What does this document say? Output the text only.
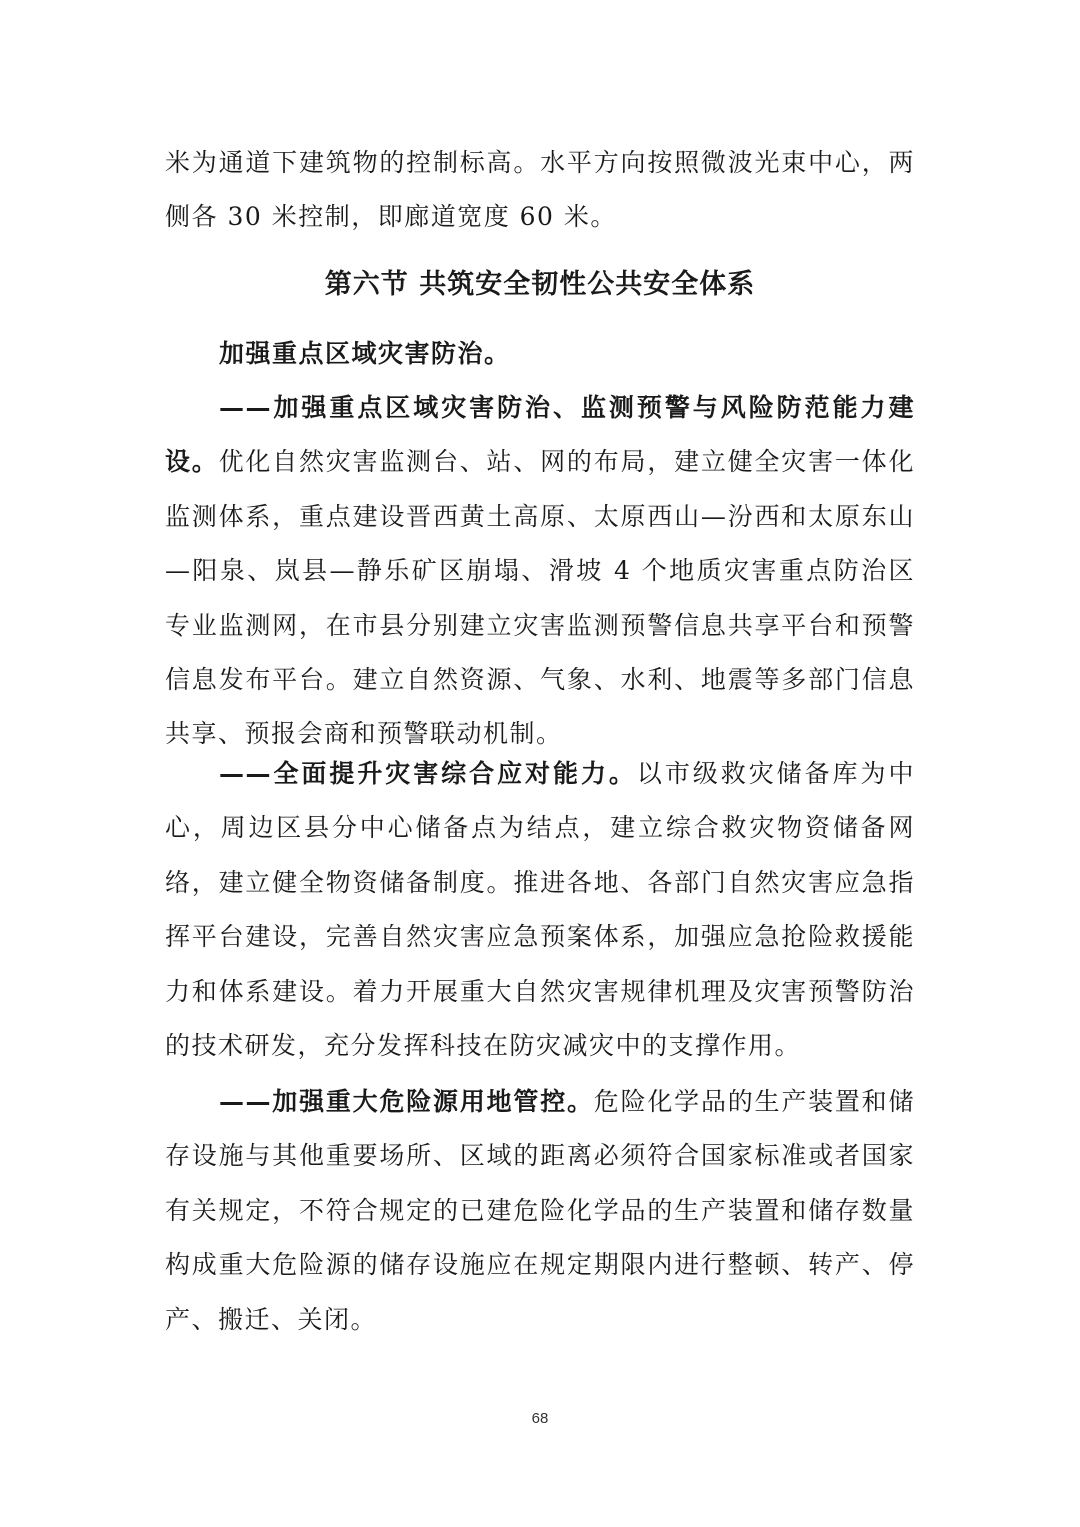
米为通道下建筑物的控制标高。水平方向按照微波光束中心，两侧各 30 米控制，即廊道宽度 60 米。

第六节 共筑安全韧性公共安全体系

加强重点区域灾害防治。

——加强重点区域灾害防治、监测预警与风险防范能力建设。优化自然灾害监测台、站、网的布局，建立健全灾害一体化监测体系，重点建设晋西黄土高原、太原西山—汾西和太原东山—阳泉、岚县—静乐矿区崩塌、滑坡 4 个地质灾害重点防治区专业监测网，在市县分别建立灾害监测预警信息共享平台和预警信息发布平台。建立自然资源、气象、水利、地震等多部门信息共享、预报会商和预警联动机制。

——全面提升灾害综合应对能力。以市级救灾储备库为中心，周边区县分中心储备点为结点，建立综合救灾物资储备网络，建立健全物资储备制度。推进各地、各部门自然灾害应急指挥平台建设，完善自然灾害应急预案体系，加强应急抢险救援能力和体系建设。着力开展重大自然灾害规律机理及灾害预警防治的技术研发，充分发挥科技在防灾减灾中的支撑作用。

——加强重大危险源用地管控。危险化学品的生产装置和储存设施与其他重要场所、区域的距离必须符合国家标准或者国家有关规定，不符合规定的已建危险化学品的生产装置和储存数量构成重大危险源的储存设施应在规定期限内进行整顿、转产、停产、搬迁、关闭。

68
